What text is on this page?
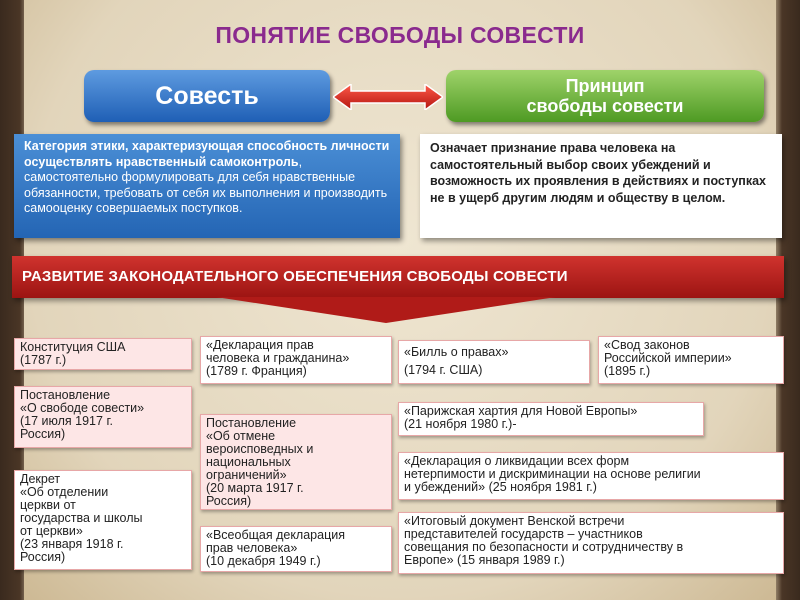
ПОНЯТИЕ СВОБОДЫ СОВЕСТИ
Совесть	Принцип
свободы совести
Категория этики, характеризующая способность личности осуществлять нравственный самоконтроль, самостоятельно формулировать для себя нравственные обязанности, требовать от себя их выполнения и производить самооценку совершаемых поступков.
Означает признание права человека на самостоятельный выбор своих убеждений и возможность их проявления в действиях и поступках не в ущерб другим людям и обществу в целом.
РАЗВИТИЕ ЗАКОНОДАТЕЛЬНОГО ОБЕСПЕЧЕНИЯ СВОБОДЫ СОВЕСТИ
Конституция США
(1787 г.)
Постановление
«О свободе совести»
(17 июля 1917 г.
Россия)
Декрет
«Об отделении
церкви от
государства и школы
от церкви»
(23 января 1918 г.
Россия)
«Декларация прав
человека и гражданина»
(1789 г. Франция)
Постановление
«Об отмене
вероисповедных и
национальных
ограничений»
(20 марта 1917 г.
Россия)
«Всеобщая декларация
прав человека»
(10 декабря 1949 г.)
«Билль о правах»
(1794 г. США)
«Свод законов
Российской империи»
(1895 г.)
«Парижская хартия для Новой Европы»
(21 ноября 1980 г.)-
«Декларация о ликвидации всех форм
нетерпимости и дискриминации на основе религии
и убеждений» (25 ноября 1981 г.)
«Итоговый документ Венской встречи
представителей государств – участников
совещания по безопасности и сотрудничеству в
Европе» (15 января 1989 г.)
